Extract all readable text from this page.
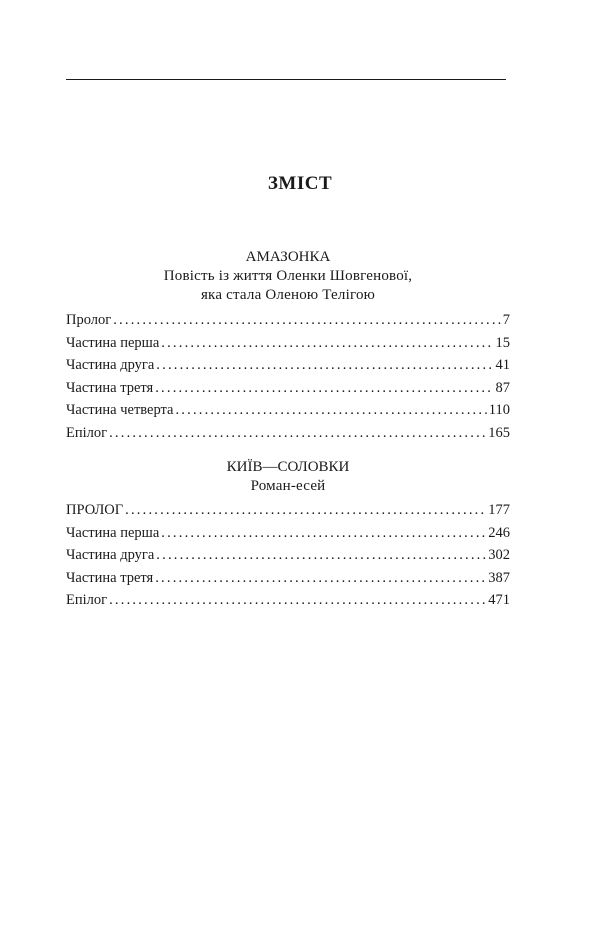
ЗМІСТ
АМАЗОНКА
Повість із життя Оленки Шовгенової,
яка стала Оленою Телігою
Пролог .....	7
Частина перша .....	15
Частина друга .....	41
Частина третя .....	87
Частина четверта .....	110
Епілог .....	165
КИЇВ—СОЛОВКИ
Роман-есей
ПРОЛОГ .....	177
Частина перша .....	246
Частина друга .....	302
Частина третя .....	387
Епілог .....	471
